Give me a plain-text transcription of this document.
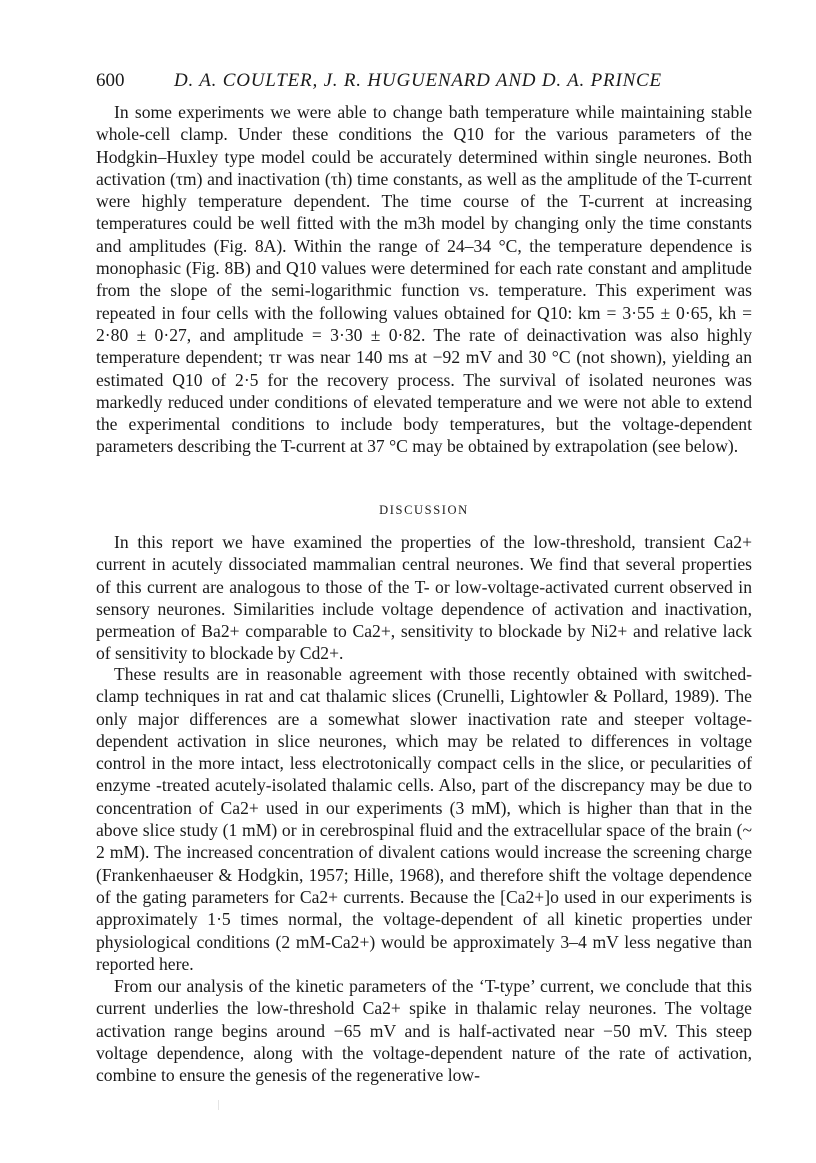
600	D. A. COULTER, J. R. HUGUENARD AND D. A. PRINCE

In some experiments we were able to change bath temperature while maintaining stable whole-cell clamp. Under these conditions the Q10 for the various parameters of the Hodgkin–Huxley type model could be accurately determined within single neurones. Both activation (τm) and inactivation (τh) time constants, as well as the amplitude of the T-current were highly temperature dependent. The time course of the T-current at increasing temperatures could be well fitted with the m3h model by changing only the time constants and amplitudes (Fig. 8A). Within the range of 24–34 °C, the temperature dependence is monophasic (Fig. 8B) and Q10 values were determined for each rate constant and amplitude from the slope of the semi-logarithmic function vs. temperature. This experiment was repeated in four cells with the following values obtained for Q10: km = 3·55 ± 0·65, kh = 2·80 ± 0·27, and amplitude = 3·30 ± 0·82. The rate of deinactivation was also highly temperature dependent; τr was near 140 ms at −92 mV and 30 °C (not shown), yielding an estimated Q10 of 2·5 for the recovery process. The survival of isolated neurones was markedly reduced under conditions of elevated temperature and we were not able to extend the experimental conditions to include body temperatures, but the voltage-dependent parameters describing the T-current at 37 °C may be obtained by extrapolation (see below).

DISCUSSION

In this report we have examined the properties of the low-threshold, transient Ca2+ current in acutely dissociated mammalian central neurones. We find that several properties of this current are analogous to those of the T- or low-voltage-activated current observed in sensory neurones. Similarities include voltage dependence of activation and inactivation, permeation of Ba2+ comparable to Ca2+, sensitivity to blockade by Ni2+ and relative lack of sensitivity to blockade by Cd2+.

These results are in reasonable agreement with those recently obtained with switched-clamp techniques in rat and cat thalamic slices (Crunelli, Lightowler & Pollard, 1989). The only major differences are a somewhat slower inactivation rate and steeper voltage-dependent activation in slice neurones, which may be related to differences in voltage control in the more intact, less electrotonically compact cells in the slice, or pecularities of enzyme -treated acutely-isolated thalamic cells. Also, part of the discrepancy may be due to concentration of Ca2+ used in our experiments (3 mM), which is higher than that in the above slice study (1 mM) or in cerebrospinal fluid and the extracellular space of the brain (~ 2 mM). The increased concentration of divalent cations would increase the screening charge (Frankenhaeuser & Hodgkin, 1957; Hille, 1968), and therefore shift the voltage dependence of the gating parameters for Ca2+ currents. Because the [Ca2+]o used in our experiments is approximately 1·5 times normal, the voltage-dependent of all kinetic properties under physiological conditions (2 mM-Ca2+) would be approximately 3–4 mV less negative than reported here.

From our analysis of the kinetic parameters of the ‘T-type’ current, we conclude that this current underlies the low-threshold Ca2+ spike in thalamic relay neurones. The voltage activation range begins around −65 mV and is half-activated near −50 mV. This steep voltage dependence, along with the voltage-dependent nature of the rate of activation, combine to ensure the genesis of the regenerative low-
